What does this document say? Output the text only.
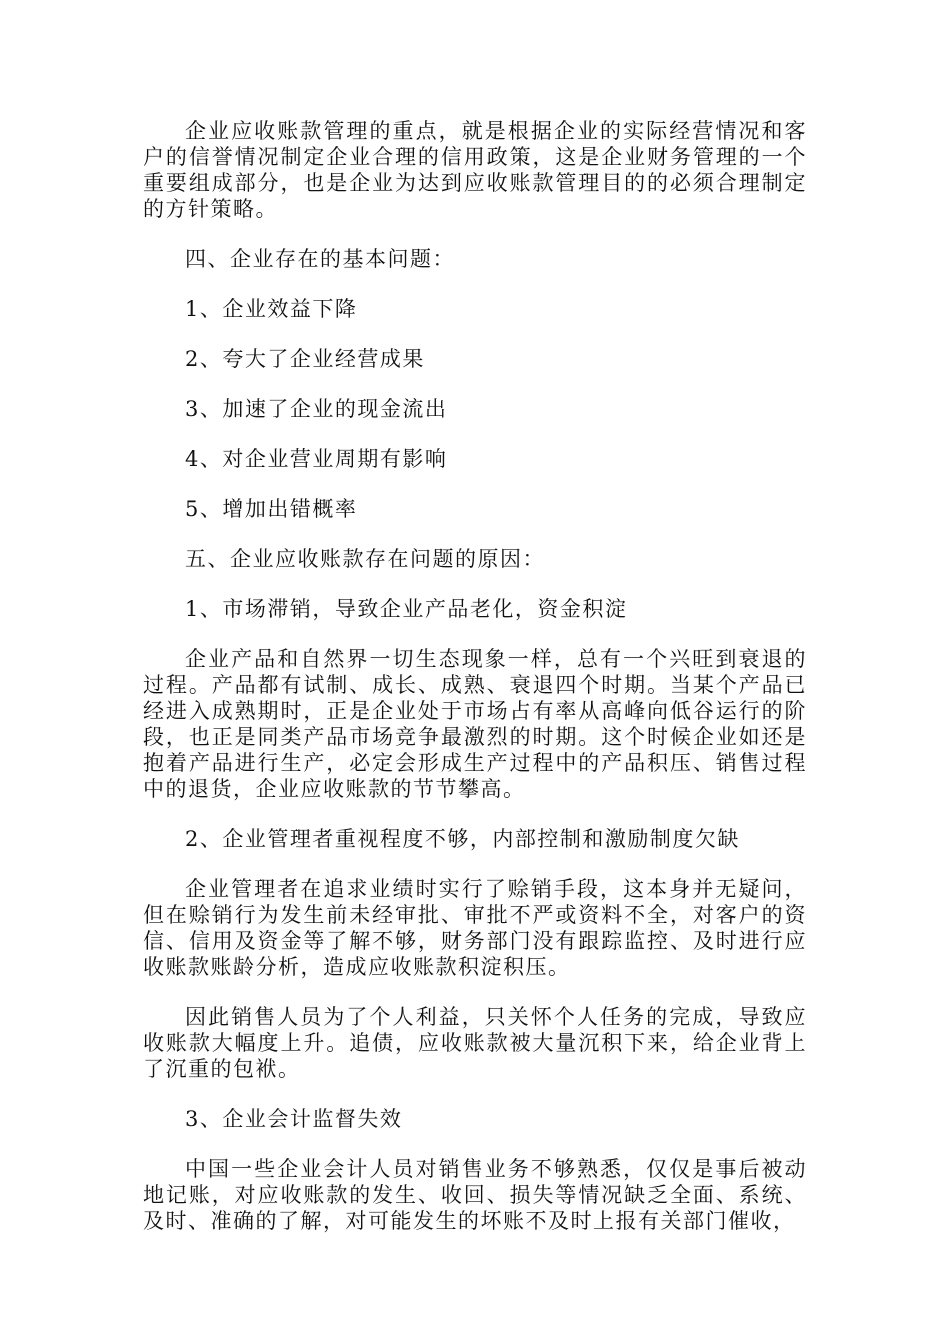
企业应收账款管理的重点，就是根据企业的实际经营情况和客户的信誉情况制定企业合理的信用政策，这是企业财务管理的一个重要组成部分，也是企业为达到应收账款管理目的的必须合理制定的方针策略。

四、企业存在的基本问题：

1、企业效益下降

2、夸大了企业经营成果

3、加速了企业的现金流出

4、对企业营业周期有影响

5、增加出错概率

五、企业应收账款存在问题的原因：

1、市场滞销，导致企业产品老化，资金积淀

企业产品和自然界一切生态现象一样，总有一个兴旺到衰退的过程。产品都有试制、成长、成熟、衰退四个时期。当某个产品已经进入成熟期时，正是企业处于市场占有率从高峰向低谷运行的阶段，也正是同类产品市场竞争最激烈的时期。这个时候企业如还是抱着产品进行生产，必定会形成生产过程中的产品积压、销售过程中的退货，企业应收账款的节节攀高。

2、企业管理者重视程度不够，内部控制和激励制度欠缺

企业管理者在追求业绩时实行了赊销手段，这本身并无疑问，但在赊销行为发生前未经审批、审批不严或资料不全，对客户的资信、信用及资金等了解不够，财务部门没有跟踪监控、及时进行应收账款账龄分析，造成应收账款积淀积压。

因此销售人员为了个人利益，只关怀个人任务的完成，导致应收账款大幅度上升。追债，应收账款被大量沉积下来，给企业背上了沉重的包袱。

3、企业会计监督失效

中国一些企业会计人员对销售业务不够熟悉，仅仅是事后被动地记账，对应收账款的发生、收回、损失等情况缺乏全面、系统、及时、准确的了解，对可能发生的坏账不及时上报有关部门催收，
